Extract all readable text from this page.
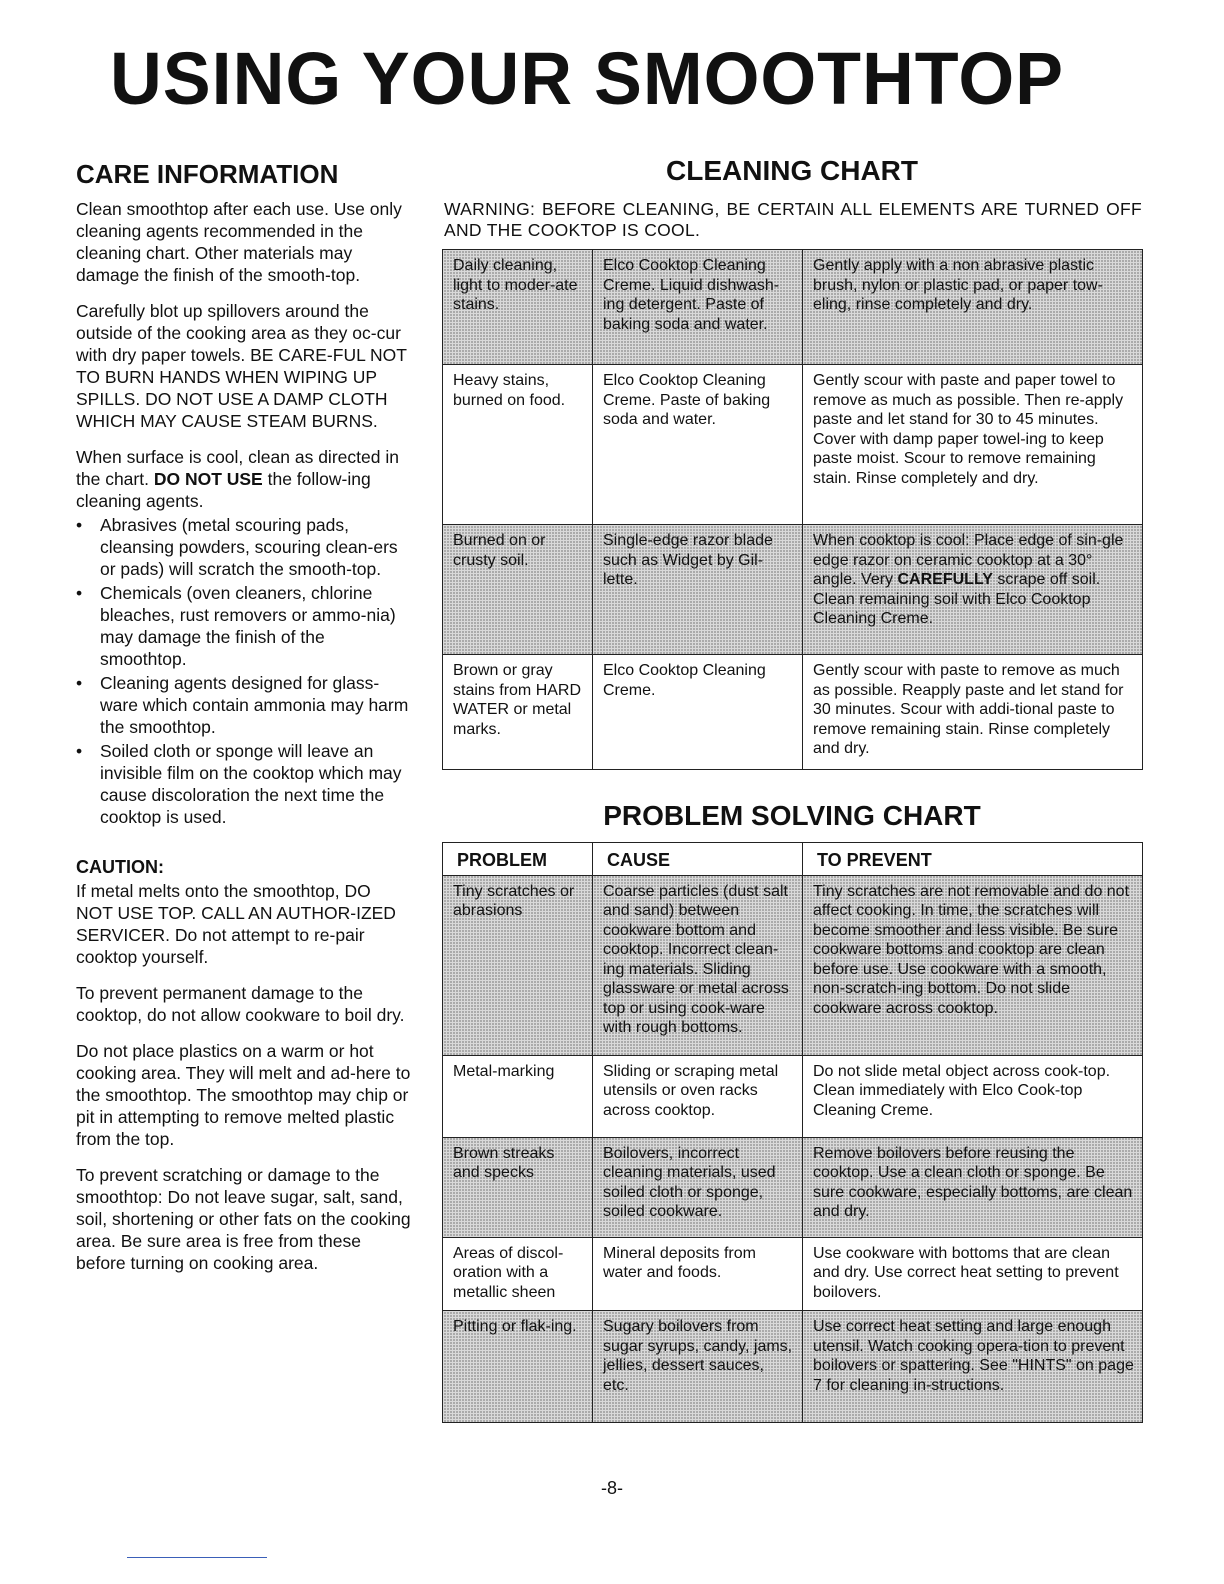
USING YOUR SMOOTHTOP
CARE INFORMATION

Clean smoothtop after each use. Use only cleaning agents recommended in the cleaning chart. Other materials may damage the finish of the smooth-top.

Carefully blot up spillovers around the outside of the cooking area as they oc-cur with dry paper towels. BE CARE-FUL NOT TO BURN HANDS WHEN WIPING UP SPILLS. DO NOT USE A DAMP CLOTH WHICH MAY CAUSE STEAM BURNS.

When surface is cool, clean as directed in the chart. DO NOT USE the follow-ing cleaning agents.

• Abrasives (metal scouring pads, cleansing powders, scouring clean-ers or pads) will scratch the smooth-top.
• Chemicals (oven cleaners, chlorine bleaches, rust removers or ammo-nia) may damage the finish of the smoothtop.
• Cleaning agents designed for glass-ware which contain ammonia may harm the smoothtop.
• Soiled cloth or sponge will leave an invisible film on the cooktop which may cause discoloration the next time the cooktop is used.
CAUTION:

If metal melts onto the smoothtop, DO NOT USE TOP. CALL AN AUTHOR-IZED SERVICER. Do not attempt to re-pair cooktop yourself.

To prevent permanent damage to the cooktop, do not allow cookware to boil dry.

Do not place plastics on a warm or hot cooking area. They will melt and ad-here to the smoothtop. The smoothtop may chip or pit in attempting to remove melted plastic from the top.

To prevent scratching or damage to the smoothtop: Do not leave sugar, salt, sand, soil, shortening or other fats on the cooking area. Be sure area is free from these before turning on cooking area.

CLEANING CHART
WARNING: BEFORE CLEANING, BE CERTAIN ALL ELEMENTS ARE TURNED OFF AND THE COOKTOP IS COOL.
Daily cleaning, light to moder-ate stains.	Elco Cooktop Cleaning Creme. Liquid dishwash-ing detergent. Paste of baking soda and water.	Gently apply with a non abrasive plastic brush, nylon or plastic pad, or paper tow-eling, rinse completely and dry.
Heavy stains, burned on food.	Elco Cooktop Cleaning Creme. Paste of baking soda and water.	Gently scour with paste and paper towel to remove as much as possible. Then re-apply paste and let stand for 30 to 45 minutes. Cover with damp paper towel-ing to keep paste moist. Scour to remove remaining stain. Rinse completely and dry.
Burned on or crusty soil.	Single-edge razor blade such as Widget by Gil-lette.	When cooktop is cool: Place edge of sin-gle edge razor on ceramic cooktop at a 30° angle. Very CAREFULLY scrape off soil. Clean remaining soil with Elco Cooktop Cleaning Creme.
Brown or gray stains from HARD WATER or metal marks.	Elco Cooktop Cleaning Creme.	Gently scour with paste to remove as much as possible. Reapply paste and let stand for 30 minutes. Scour with addi-tional paste to remove remaining stain. Rinse completely and dry.
PROBLEM SOLVING CHART
PROBLEM	CAUSE	TO PREVENT
Tiny scratches or abrasions	Coarse particles (dust salt and sand) between cookware bottom and cooktop. Incorrect clean-ing materials. Sliding glassware or metal across top or using cook-ware with rough bottoms.	Tiny scratches are not removable and do not affect cooking. In time, the scratches will become smoother and less visible. Be sure cookware bottoms and cooktop are clean before use. Use cookware with a smooth, non-scratch-ing bottom. Do not slide cookware across cooktop.
Metal-marking	Sliding or scraping metal utensils or oven racks across cooktop.	Do not slide metal object across cook-top. Clean immediately with Elco Cook-top Cleaning Creme.
Brown streaks and specks	Boilovers, incorrect cleaning materials, used soiled cloth or sponge, soiled cookware.	Remove boilovers before reusing the cooktop. Use a clean cloth or sponge. Be sure cookware, especially bottoms, are clean and dry.
Areas of discol-oration with a metallic sheen	Mineral deposits from water and foods.	Use cookware with bottoms that are clean and dry. Use correct heat setting to prevent boilovers.
Pitting or flak-ing.	Sugary boilovers from sugar syrups, candy, jams, jellies, dessert sauces, etc.	Use correct heat setting and large enough utensil. Watch cooking opera-tion to prevent boilovers or spattering. See "HINTS" on page 7 for cleaning in-structions.
-8-
